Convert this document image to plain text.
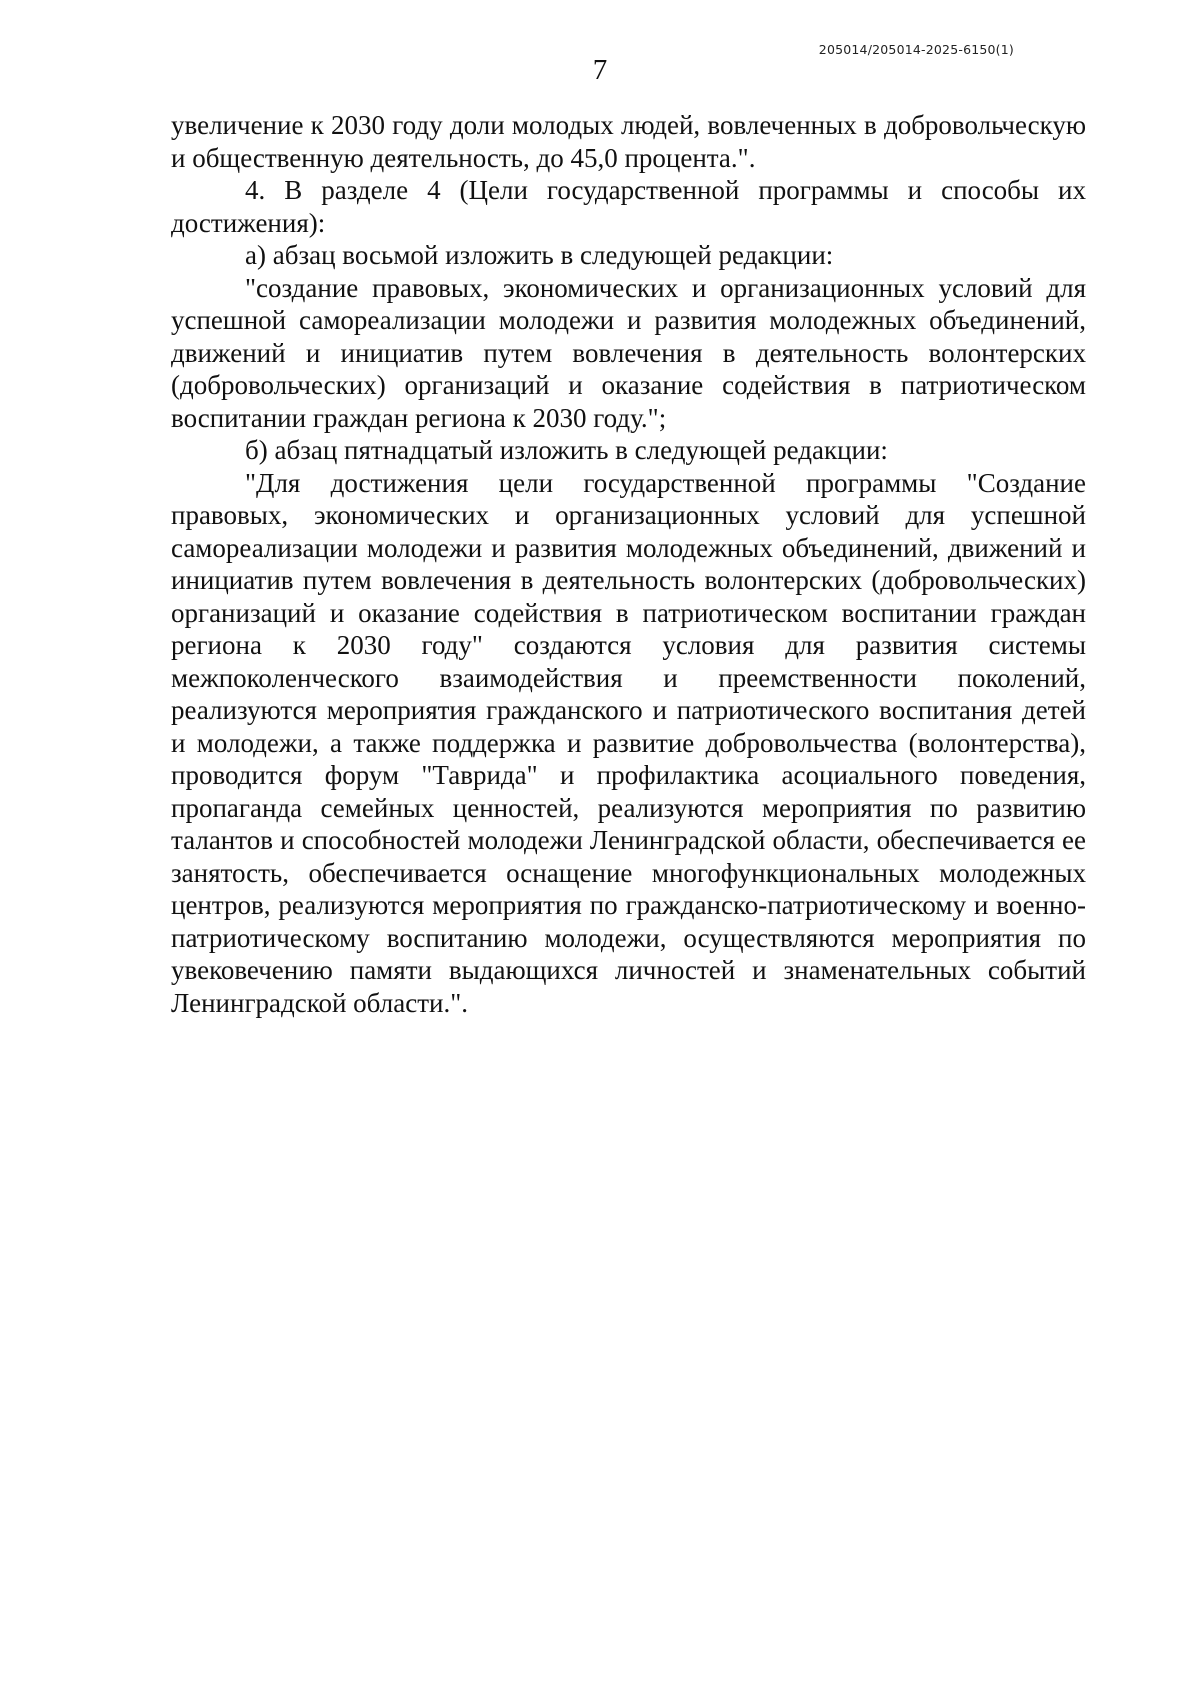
205014/205014-2025-6150(1)
7

увеличение к 2030 году доли молодых людей, вовлеченных в добровольческую и общественную деятельность, до 45,0 процента.".

4. В разделе 4 (Цели государственной программы и способы их достижения):

а) абзац восьмой изложить в следующей редакции:

"создание правовых, экономических и организационных условий для успешной самореализации молодежи и развития молодежных объединений, движений и инициатив путем вовлечения в деятельность волонтерских (добровольческих) организаций и оказание содействия в патриотическом воспитании граждан региона к 2030 году.";

б) абзац пятнадцатый изложить в следующей редакции:

"Для достижения цели государственной программы "Создание правовых, экономических и организационных условий для успешной самореализации молодежи и развития молодежных объединений, движений и инициатив путем вовлечения в деятельность волонтерских (добровольческих) организаций и оказание содействия в патриотическом воспитании граждан региона к 2030 году" создаются условия для развития системы межпоколенческого взаимодействия и преемственности поколений, реализуются мероприятия гражданского и патриотического воспитания детей и молодежи, а также поддержка и развитие добровольчества (волонтерства), проводится форум "Таврида" и профилактика асоциального поведения, пропаганда семейных ценностей, реализуются мероприятия по развитию талантов и способностей молодежи Ленинградской области, обеспечивается ее занятость, обеспечивается оснащение многофункциональных молодежных центров, реализуются мероприятия по гражданско-патриотическому и военно-патриотическому воспитанию молодежи, осуществляются мероприятия по увековечению памяти выдающихся личностей и знаменательных событий Ленинградской области.".
